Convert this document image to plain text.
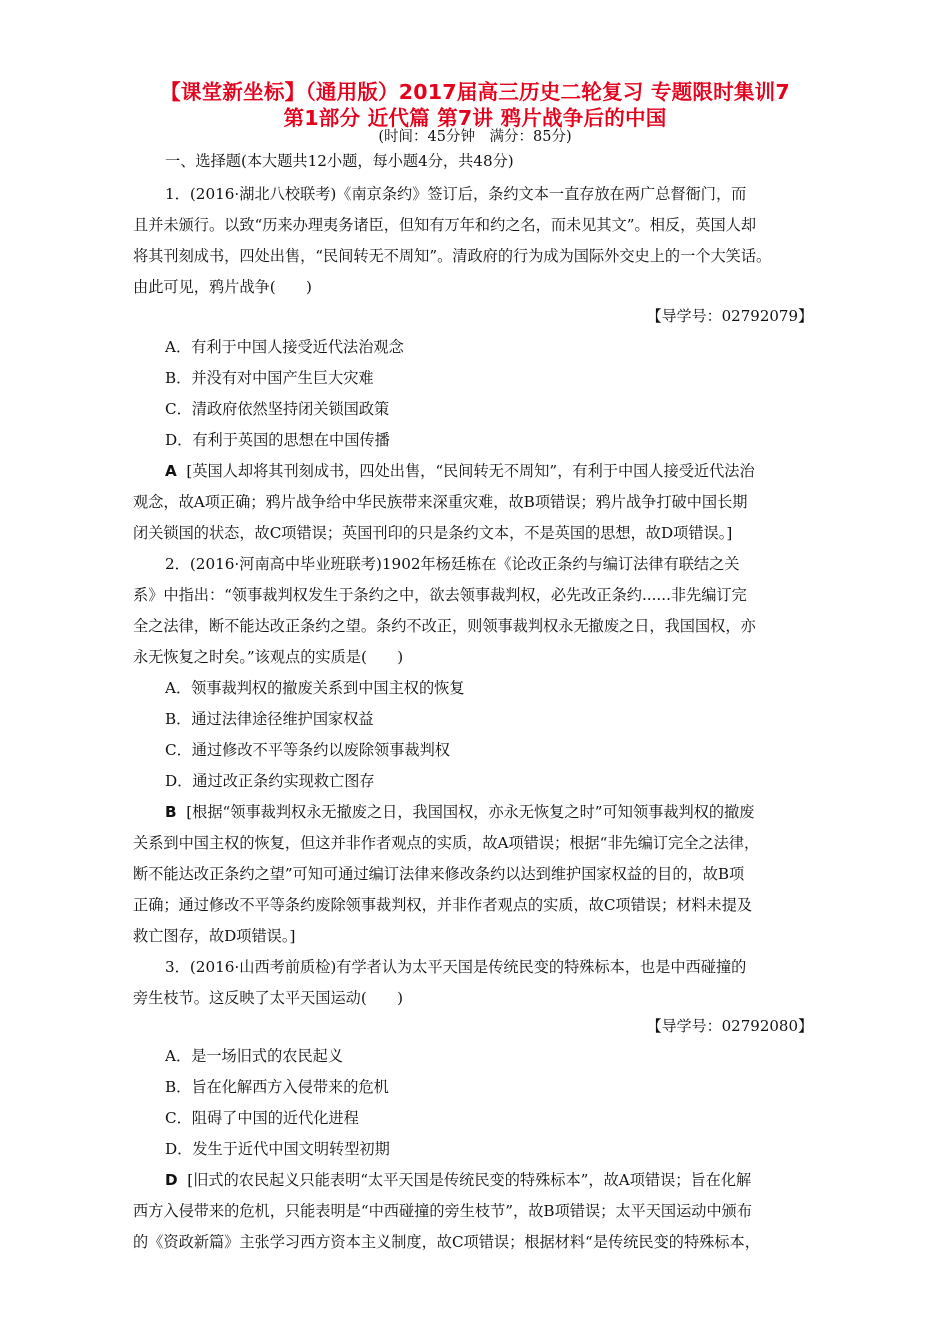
【课堂新坐标】（通用版）2017届高三历史二轮复习 专题限时集训7
第1部分 近代篇 第7讲 鸦片战争后的中国
(时间：45分钟　满分：85分)
一、选择题(本大题共12小题，每小题4分，共48分)
1．(2016·湖北八校联考)《南京条约》签订后，条约文本一直存放在两广总督衙门，而
且并未颁行。以致“历来办理夷务诸臣，但知有万年和约之名，而未见其文”。相反，英国人却
将其刊刻成书，四处出售，“民间转无不周知”。清政府的行为成为国际外交史上的一个大笑话。
由此可见，鸦片战争(　　)
【导学号：02792079】
A．有利于中国人接受近代法治观念
B．并没有对中国产生巨大灾难
C．清政府依然坚持闭关锁国政策
D．有利于英国的思想在中国传播
A [英国人却将其刊刻成书，四处出售，“民间转无不周知”，有利于中国人接受近代法治
观念，故A项正确；鸦片战争给中华民族带来深重灾难，故B项错误；鸦片战争打破中国长期
闭关锁国的状态，故C项错误；英国刊印的只是条约文本，不是英国的思想，故D项错误。]
2．(2016·河南高中毕业班联考)1902年杨廷栋在《论改正条约与编订法律有联结之关
系》中指出：“领事裁判权发生于条约之中，欲去领事裁判权，必先改正条约......非先编订完
全之法律，断不能达改正条约之望。条约不改正，则领事裁判权永无撤废之日，我国国权，亦
永无恢复之时矣。”该观点的实质是(　　)
A．领事裁判权的撤废关系到中国主权的恢复
B．通过法律途径维护国家权益
C．通过修改不平等条约以废除领事裁判权
D．通过改正条约实现救亡图存
B [根据“领事裁判权永无撤废之日，我国国权，亦永无恢复之时”可知领事裁判权的撤废
关系到中国主权的恢复，但这并非作者观点的实质，故A项错误；根据“非先编订完全之法律，
断不能达改正条约之望”可知可通过编订法律来修改条约以达到维护国家权益的目的，故B项
正确；通过修改不平等条约废除领事裁判权，并非作者观点的实质，故C项错误；材料未提及
救亡图存，故D项错误。]
3．(2016·山西考前质检)有学者认为太平天国是传统民变的特殊标本，也是中西碰撞的
旁生枝节。这反映了太平天国运动(　　)
【导学号：02792080】
A．是一场旧式的农民起义
B．旨在化解西方入侵带来的危机
C．阻碍了中国的近代化进程
D．发生于近代中国文明转型初期
D [旧式的农民起义只能表明“太平天国是传统民变的特殊标本”，故A项错误；旨在化解
西方入侵带来的危机，只能表明是“中西碰撞的旁生枝节”，故B项错误；太平天国运动中颁布
的《资政新篇》主张学习西方资本主义制度，故C项错误；根据材料“是传统民变的特殊标本，
